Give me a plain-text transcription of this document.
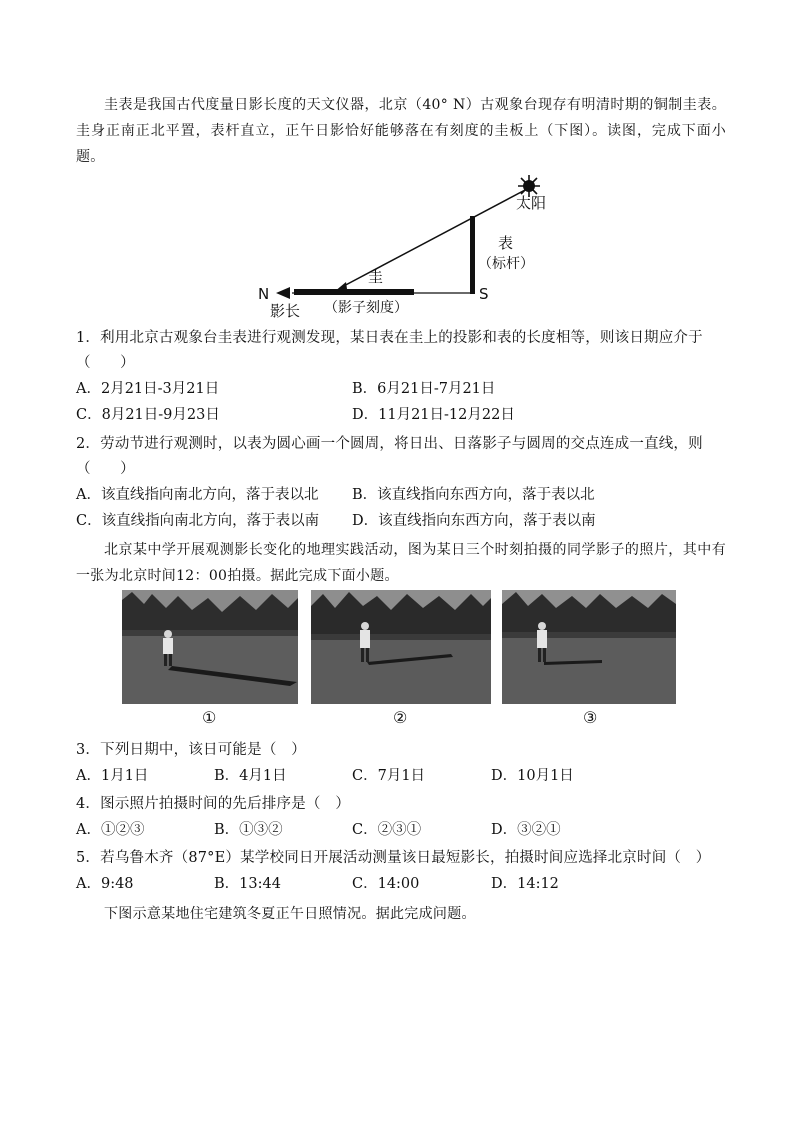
圭表是我国古代度量日影长度的天文仪器，北京（40° N）古观象台现存有明清时期的铜制圭表。圭身正南正北平置，表杆直立，正午日影恰好能够落在有刻度的圭板上（下图）。读图，完成下面小题。
太阳
表
（标杆）
圭
（影子刻度）
N
影长
S
1．利用北京古观象台圭表进行观测发现，某日表在圭上的投影和表的长度相等，则该日期应介于（　　）
A．2月21日-3月21日	B．6月21日-7月21日
C．8月21日-9月23日	D．11月21日-12月22日
2．劳动节进行观测时，以表为圆心画一个圆周，将日出、日落影子与圆周的交点连成一直线，则（　　）
A．该直线指向南北方向，落于表以北 B．该直线指向东西方向，落于表以北
C．该直线指向南北方向，落于表以南 D．该直线指向东西方向，落于表以南
北京某中学开展观测影长变化的地理实践活动，图为某日三个时刻拍摄的同学影子的照片，其中有一张为北京时间12：00拍摄。据此完成下面小题。
①	②	③
3．下列日期中，该日可能是（　）
A．1月1日	B．4月1日	C．7月1日	D．10月1日
4．图示照片拍摄时间的先后排序是（　）
A．①②③	B．①③②	C．②③①	D．③②①
5．若乌鲁木齐（87°E）某学校同日开展活动测量该日最短影长，拍摄时间应选择北京时间（　）
A．9:48	B．13:44	C．14:00	D．14:12
下图示意某地住宅建筑冬夏正午日照情况。据此完成问题。
